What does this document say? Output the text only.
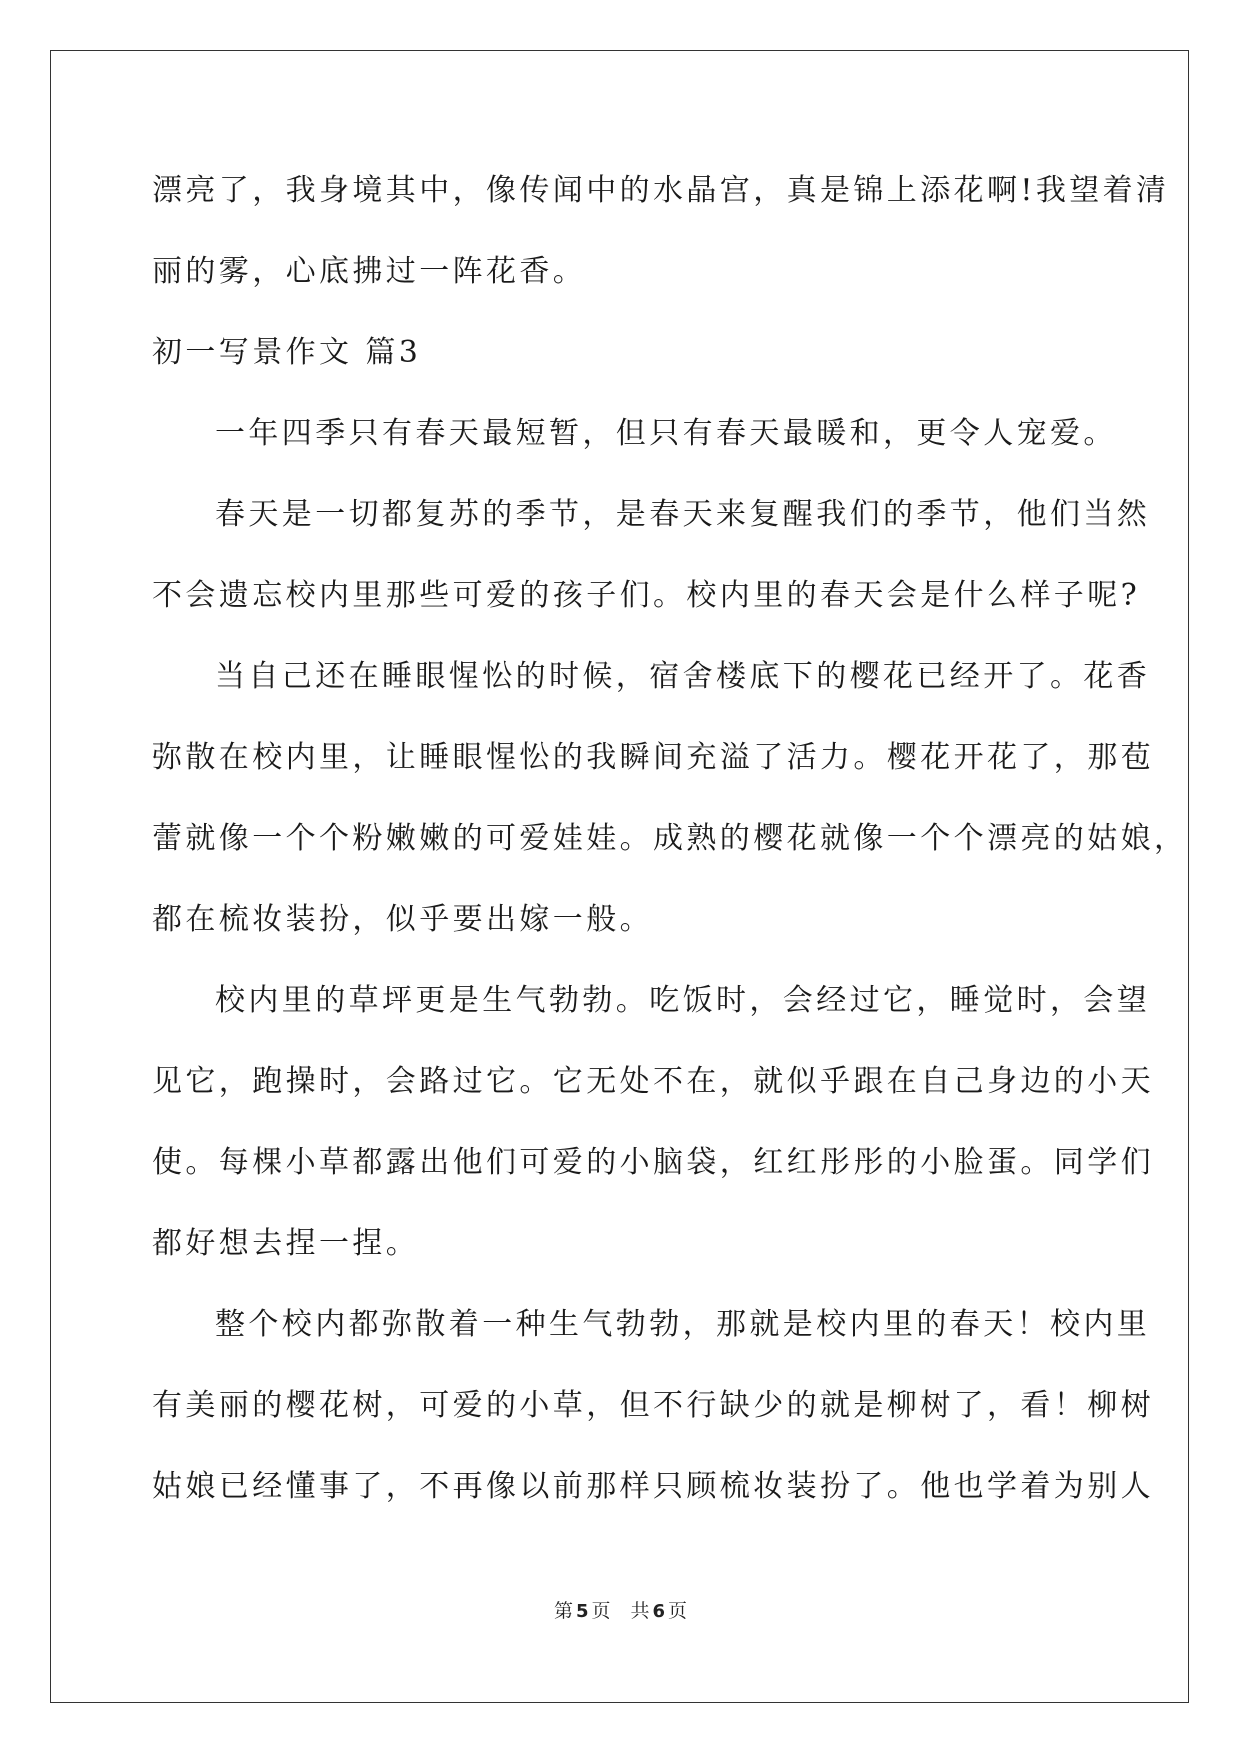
漂亮了，我身境其中，像传闻中的水晶宫，真是锦上添花啊!我望着清
丽的雾，心底拂过一阵花香。
初一写景作文 篇3
一年四季只有春天最短暂，但只有春天最暖和，更令人宠爱。
春天是一切都复苏的季节，是春天来复醒我们的季节，他们当然
不会遗忘校内里那些可爱的孩子们。校内里的春天会是什么样子呢?
当自己还在睡眼惺忪的时候，宿舍楼底下的樱花已经开了。花香
弥散在校内里，让睡眼惺忪的我瞬间充溢了活力。樱花开花了，那苞
蕾就像一个个粉嫩嫩的可爱娃娃。成熟的樱花就像一个个漂亮的姑娘，
都在梳妆装扮，似乎要出嫁一般。
校内里的草坪更是生气勃勃。吃饭时，会经过它，睡觉时，会望
见它，跑操时，会路过它。它无处不在，就似乎跟在自己身边的小天
使。每棵小草都露出他们可爱的小脑袋，红红彤彤的小脸蛋。同学们
都好想去捏一捏。
整个校内都弥散着一种生气勃勃，那就是校内里的春天！校内里
有美丽的樱花树，可爱的小草，但不行缺少的就是柳树了，看！柳树
姑娘已经懂事了，不再像以前那样只顾梳妆装扮了。他也学着为别人
第 5 页 共 6 页
